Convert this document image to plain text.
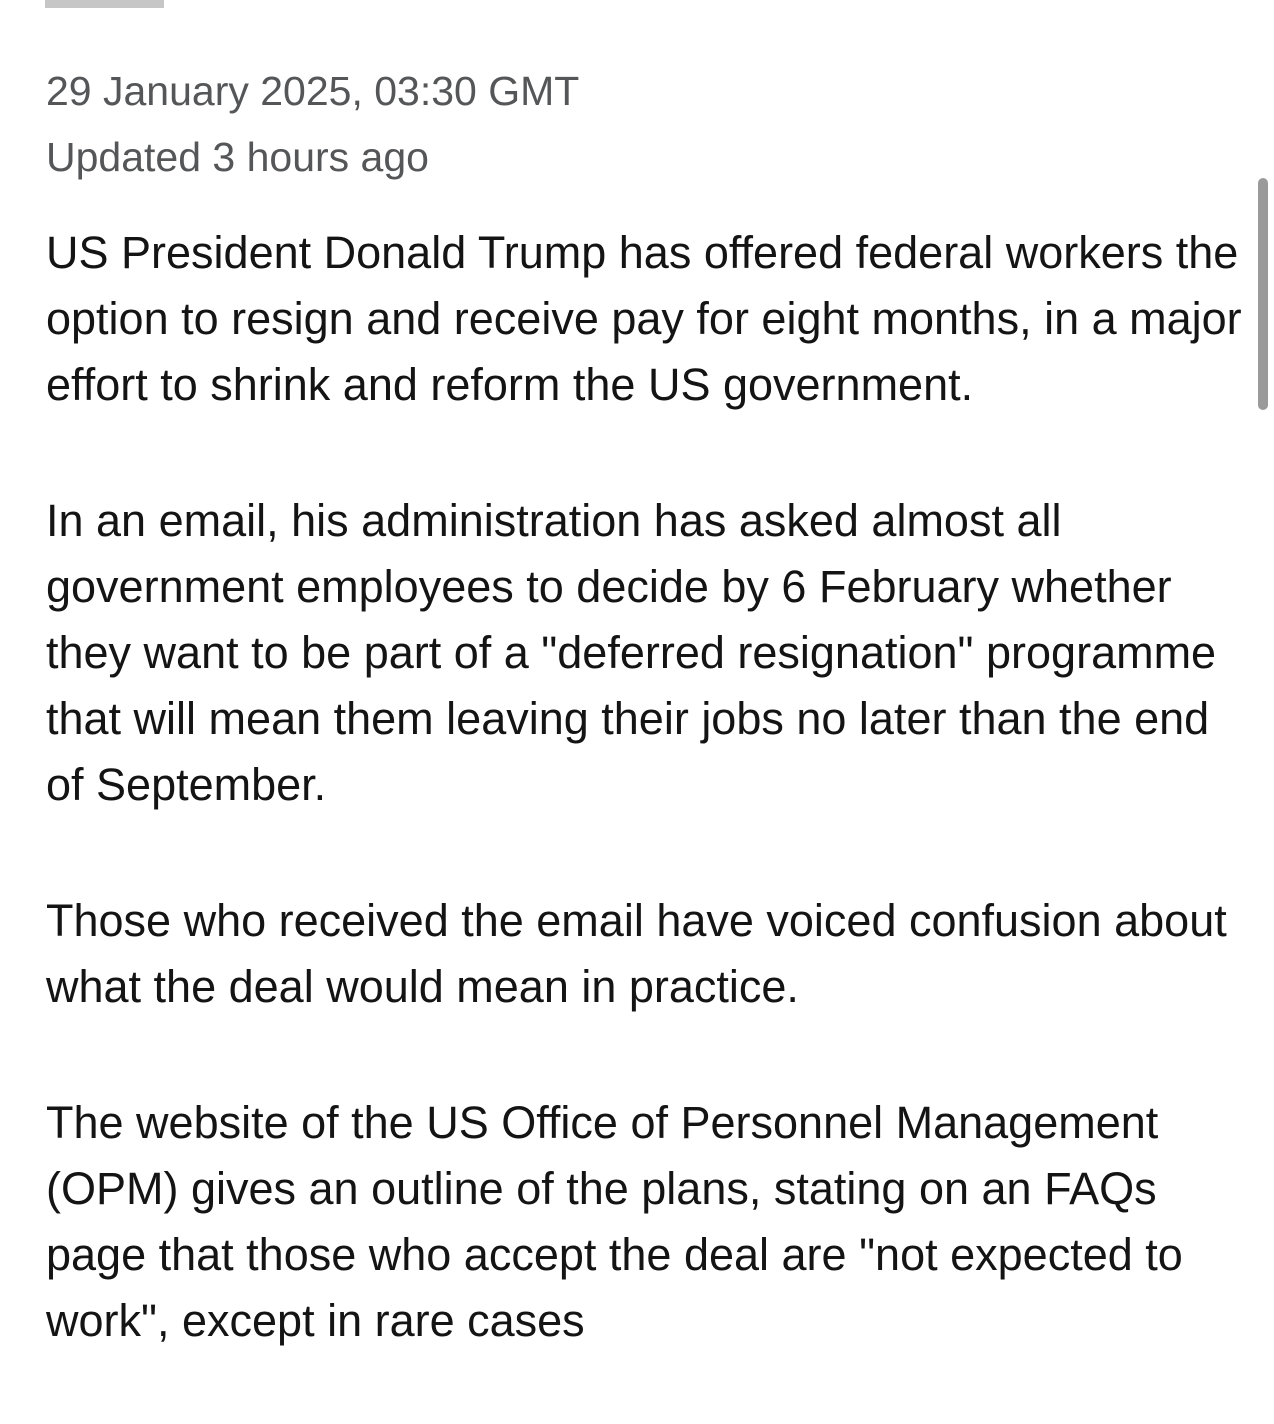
29 January 2025, 03:30 GMT
Updated 3 hours ago

US President Donald Trump has offered federal workers the option to resign and receive pay for eight months, in a major effort to shrink and reform the US government.

In an email, his administration has asked almost all government employees to decide by 6 February whether they want to be part of a "deferred resignation" programme that will mean them leaving their jobs no later than the end of September.

Those who received the email have voiced confusion about what the deal would mean in practice.

The website of the US Office of Personnel Management (OPM) gives an outline of the plans, stating on an FAQs page that those who accept the deal are "not expected to work", except in rare cases
